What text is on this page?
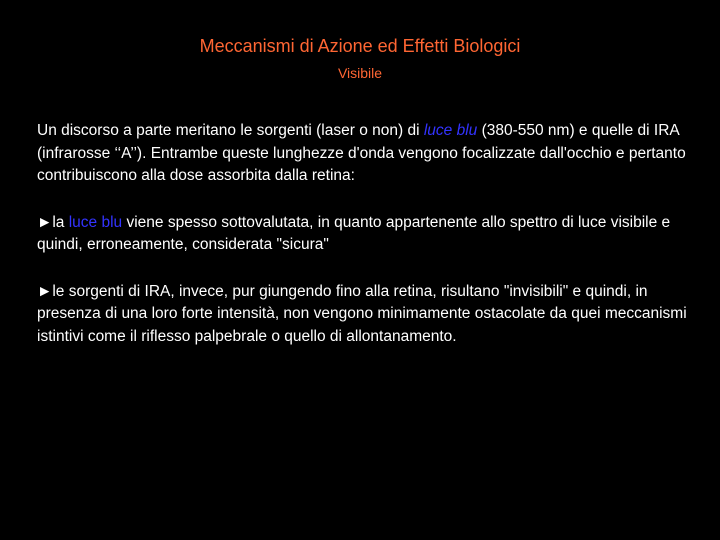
Meccanismi di Azione ed Effetti Biologici
Visibile

Un discorso a parte meritano le sorgenti (laser o non) di luce blu (380-550 nm) e quelle di IRA (infrarosse ‘‘A’’). Entrambe queste lunghezze d'onda vengono focalizzate dall'occhio e pertanto contribuiscono alla dose assorbita dalla retina:

►la luce blu viene spesso sottovalutata, in quanto appartenente allo spettro di luce visibile e quindi, erroneamente, considerata "sicura"

►le sorgenti di IRA, invece, pur giungendo fino alla retina, risultano "invisibili" e quindi, in presenza di una loro forte intensità, non vengono minimamente ostacolate da quei meccanismi istintivi come il riflesso palpebrale o quello di allontanamento.
